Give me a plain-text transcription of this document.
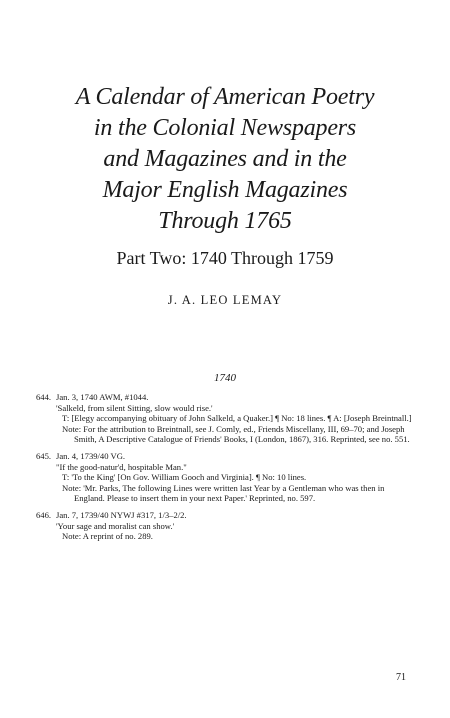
A Calendar of American Poetry
in the Colonial Newspapers
and Magazines and in the
Major English Magazines
Through 1765
Part Two: 1740 Through 1759
J. A. LEO LEMAY
1740
644. Jan. 3, 1740 AWM, #1044.
'Salkeld, from silent Sitting, slow would rise.'
T: [Elegy accompanying obituary of John Salkeld, a Quaker.] ¶ No: 18 lines. ¶ A: [Joseph Breintnall.]
Note: For the attribution to Breintnall, see J. Comly, ed., Friends Miscellany, III, 69–70; and Joseph Smith, A Descriptive Catalogue of Friends' Books, I (London, 1867), 316. Reprinted, see no. 551.
645. Jan. 4, 1739/40 VG.
"If the good-natur'd, hospitable Man."
T: 'To the King' [On Gov. William Gooch and Virginia]. ¶ No: 10 lines.
Note: 'Mr. Parks, The following Lines were written last Year by a Gentleman who was then in England. Please to insert them in your next Paper.' Reprinted, no. 597.
646. Jan. 7, 1739/40 NYWJ #317, 1/3–2/2.
'Your sage and moralist can show.'
Note: A reprint of no. 289.
71
